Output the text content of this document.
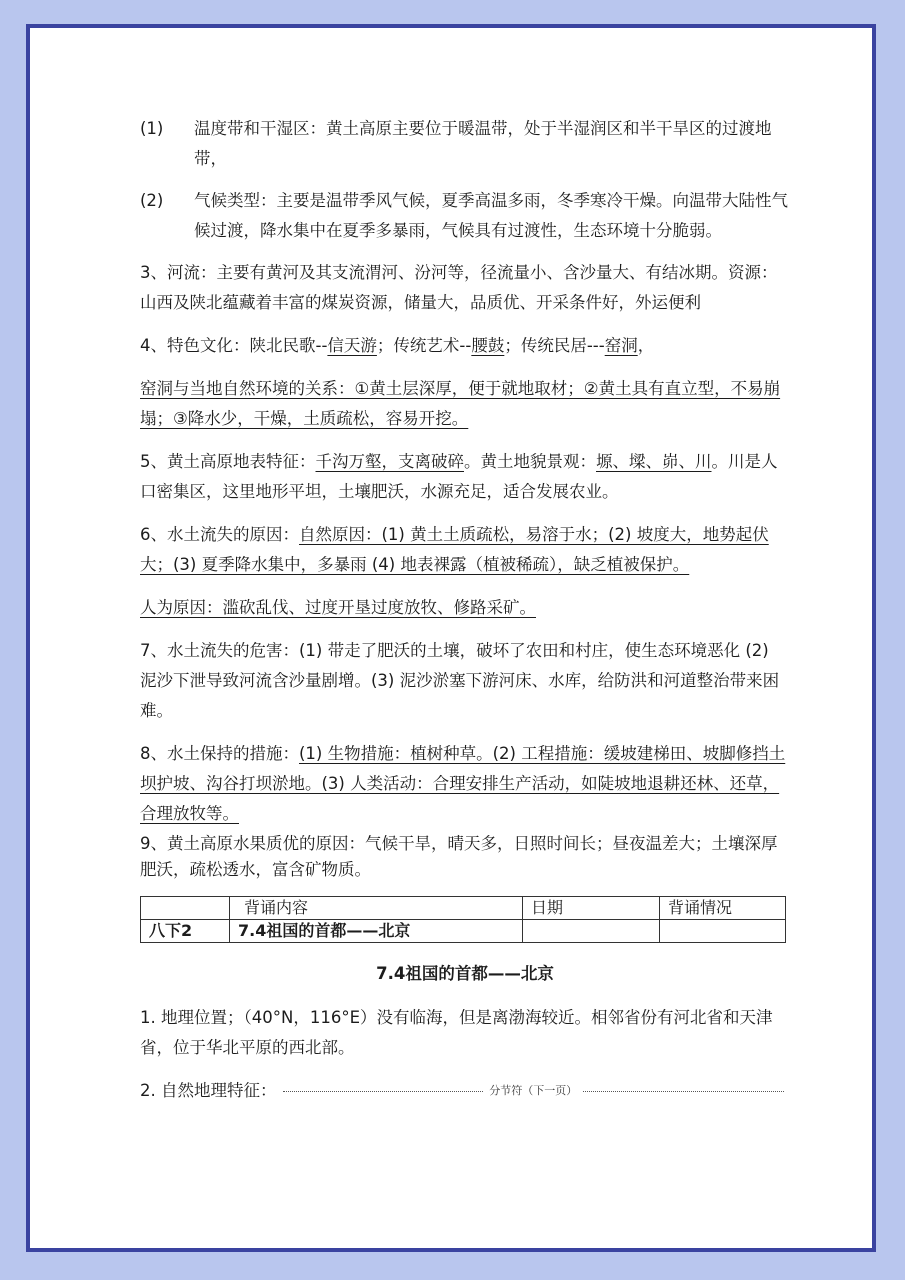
(1)	温度带和干湿区：黄土高原主要位于暖温带，处于半湿润区和半干旱区的过渡地带，
(2)	气候类型：主要是温带季风气候，夏季高温多雨，冬季寒冷干燥。向温带大陆性气候过渡，降水集中在夏季多暴雨，气候具有过渡性，生态环境十分脆弱。

3、河流：主要有黄河及其支流渭河、汾河等，径流量小、含沙量大、有结冰期。资源：山西及陕北蕴藏着丰富的煤炭资源，储量大，品质优、开采条件好，外运便利

4、特色文化：陕北民歌--信天游；传统艺术--腰鼓；传统民居---窑洞，

窑洞与当地自然环境的关系：①黄土层深厚，便于就地取材；②黄土具有直立型，不易崩塌；③降水少，干燥，土质疏松，容易开挖。

5、黄土高原地表特征：千沟万壑，支离破碎。黄土地貌景观：塬、墚、峁、川。川是人口密集区，这里地形平坦，土壤肥沃，水源充足，适合发展农业。

6、水土流失的原因：自然原因：(1) 黄土土质疏松，易溶于水；(2) 坡度大，地势起伏大；(3) 夏季降水集中，多暴雨 (4) 地表裸露（植被稀疏），缺乏植被保护。

人为原因：滥砍乱伐、过度开垦过度放牧、修路采矿。

7、水土流失的危害：(1) 带走了肥沃的土壤，破坏了农田和村庄，使生态环境恶化 (2) 泥沙下泄导致河流含沙量剧增。(3) 泥沙淤塞下游河床、水库，给防洪和河道整治带来困难。

8、水土保持的措施：(1) 生物措施：植树种草。(2) 工程措施：缓坡建梯田、坡脚修挡土坝护坡、沟谷打坝淤地。(3) 人类活动：合理安排生产活动，如陡坡地退耕还林、还草，合理放牧等。

9、黄土高原水果质优的原因：气候干旱，晴天多，日照时间长；昼夜温差大；土壤深厚肥沃，疏松透水，富含矿物质。

	背诵内容	日期	背诵情况
八下2	7.4祖国的首都——北京		
7.4祖国的首都——北京

1. 地理位置；（40°N，116°E）没有临海，但是离渤海较近。相邻省份有河北省和天津省，位于华北平原的西北部。

2. 自然地理特征：	分节符（下一页）
